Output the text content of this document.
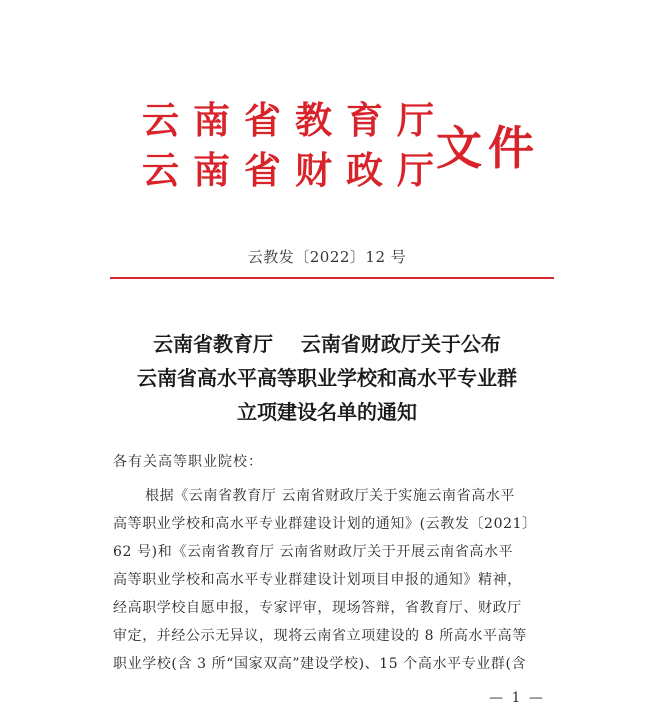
云南省教育厅
云南省财政厅
文件
云教发〔2022〕12 号
云南省教育厅    云南省财政厅关于公布
云南省高水平高等职业学校和高水平专业群
立项建设名单的通知
各有关高等职业院校：
根据《云南省教育厅 云南省财政厅关于实施云南省高水平
高等职业学校和高水平专业群建设计划的通知》(云教发〔2021〕
62 号)和《云南省教育厅 云南省财政厅关于开展云南省高水平
高等职业学校和高水平专业群建设计划项目申报的通知》精神，
经高职学校自愿申报，专家评审，现场答辩，省教育厅、财政厅
审定，并经公示无异议，现将云南省立项建设的 8 所高水平高等
职业学校(含 3 所“国家双高”建设学校)、15 个高水平专业群(含
— 1 —
